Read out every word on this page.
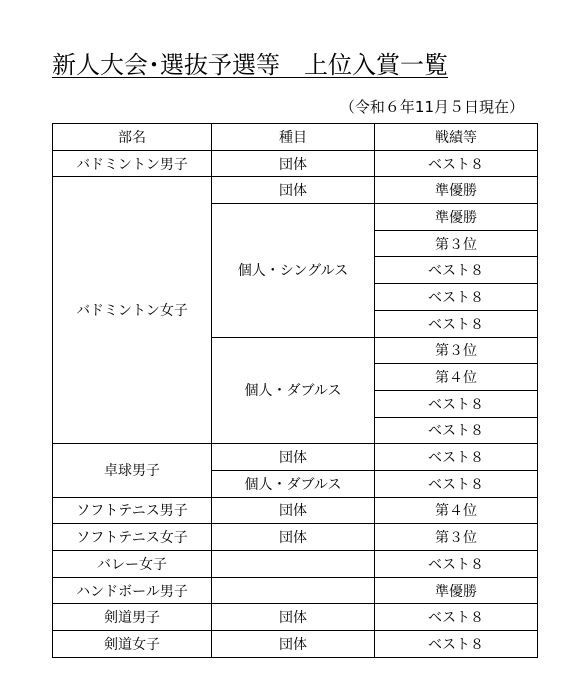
新人大会･選抜予選等　上位入賞一覧
（令和６年11月５日現在）
部名	種目	戦績等
バドミントン男子	団体	ベスト８
バドミントン女子	団体	準優勝
	個人・シングルス	準優勝
		第３位
		ベスト８
		ベスト８
		ベスト８
	個人・ダブルス	第３位
		第４位
		ベスト８
		ベスト８
卓球男子	団体	ベスト８
	個人・ダブルス	ベスト８
ソフトテニス男子	団体	第４位
ソフトテニス女子	団体	第３位
バレー女子		ベスト８
ハンドボール男子		準優勝
剣道男子	団体	ベスト８
剣道女子	団体	ベスト８
